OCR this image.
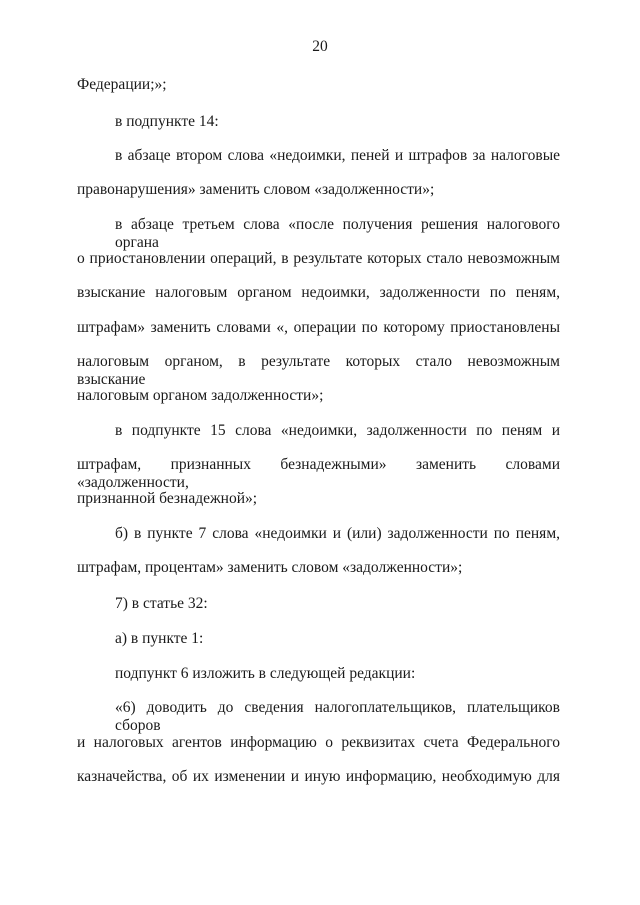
20
Федерации;»;
в подпункте 14:
в абзаце втором слова «недоимки, пеней и штрафов за налоговые
правонарушения» заменить словом «задолженности»;
в абзаце третьем слова «после получения решения налогового органа
о приостановлении операций, в результате которых стало невозможным
взыскание налоговым органом недоимки, задолженности по пеням,
штрафам» заменить словами «, операции по которому приостановлены
налоговым органом, в результате которых стало невозможным взыскание
налоговым органом задолженности»;
в подпункте 15 слова «недоимки, задолженности по пеням и
штрафам, признанных безнадежными» заменить словами «задолженности,
признанной безнадежной»;
б) в пункте 7 слова «недоимки и (или) задолженности по пеням,
штрафам, процентам» заменить словом «задолженности»;
7) в статье 32:
а) в пункте 1:
подпункт 6 изложить в следующей редакции:
«6) доводить до сведения налогоплательщиков, плательщиков сборов
и налоговых агентов информацию о реквизитах счета Федерального
казначейства, об их изменении и иную информацию, необходимую для
